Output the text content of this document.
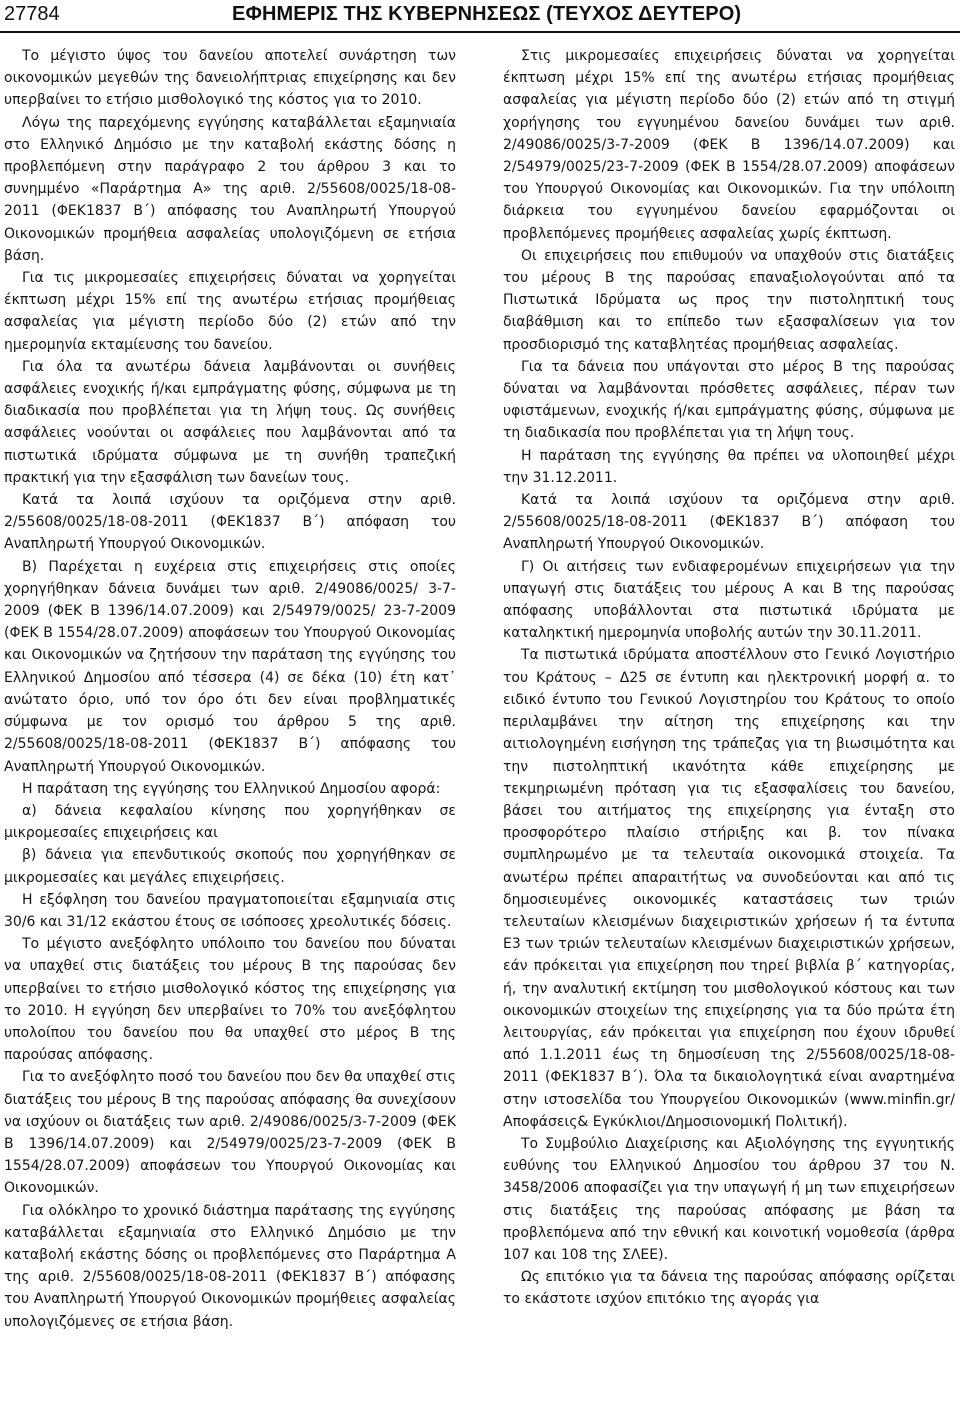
27784	ΕΦΗΜΕΡΙΣ ΤΗΣ ΚΥΒΕΡΝΗΣΕΩΣ (ΤΕΥΧΟΣ ΔΕΥΤΕΡΟ)

Το μέγιστο ύψος του δανείου αποτελεί συνάρτηση των οικονομικών μεγεθών της δανειολήπτριας επιχείρησης και δεν υπερβαίνει το ετήσιο μισθολογικό της κόστος για το 2010.

Λόγω της παρεχόμενης εγγύησης καταβάλλεται εξαμηνιαία στο Ελληνικό Δημόσιο με την καταβολή εκάστης δόσης η προβλεπόμενη στην παράγραφο 2 του άρθρου 3 και το συνημμένο «Παράρτημα Α» της αριθ. 2/55608/0025/18-08-2011 (ΦΕΚ1837 Β΄) απόφασης του Αναπληρωτή Υπουργού Οικονομικών προμήθεια ασφαλείας υπολογιζόμενη σε ετήσια βάση.

Για τις μικρομεσαίες επιχειρήσεις δύναται να χορηγείται έκπτωση μέχρι 15% επί της ανωτέρω ετήσιας προμήθειας ασφαλείας για μέγιστη περίοδο δύο (2) ετών από την ημερομηνία εκταμίευσης του δανείου.

Για όλα τα ανωτέρω δάνεια λαμβάνονται οι συνήθεις ασφάλειες ενοχικής ή/και εμπράγματης φύσης, σύμφωνα με τη διαδικασία που προβλέπεται για τη λήψη τους. Ως συνήθεις ασφάλειες νοούνται οι ασφάλειες που λαμβάνονται από τα πιστωτικά ιδρύματα σύμφωνα με τη συνήθη τραπεζική πρακτική για την εξασφάλιση των δανείων τους.

Κατά τα λοιπά ισχύουν τα οριζόμενα στην αριθ. 2/55608/0025/18-08-2011 (ΦΕΚ1837 Β΄) απόφαση του Αναπληρωτή Υπουργού Οικονομικών.

Β) Παρέχεται η ευχέρεια στις επιχειρήσεις στις οποίες χορηγήθηκαν δάνεια δυνάμει των αριθ. 2/49086/0025/ 3-7-2009 (ΦΕΚ Β 1396/14.07.2009) και 2/54979/0025/ 23-7-2009 (ΦΕΚ Β 1554/28.07.2009) αποφάσεων του Υπουργού Οικονομίας και Οικονομικών να ζητήσουν την παράταση της εγγύησης του Ελληνικού Δημοσίου από τέσσερα (4) σε δέκα (10) έτη κατ᾽ ανώτατο όριο, υπό τον όρο ότι δεν είναι προβληματικές σύμφωνα με τον ορισμό του άρθρου 5 της αριθ. 2/55608/0025/18-08-2011 (ΦΕΚ1837 Β΄) απόφασης του Αναπληρωτή Υπουργού Οικονομικών.

Η παράταση της εγγύησης του Ελληνικού Δημοσίου αφορά:

α) δάνεια κεφαλαίου κίνησης που χορηγήθηκαν σε μικρομεσαίες επιχειρήσεις και

β) δάνεια για επενδυτικούς σκοπούς που χορηγήθηκαν σε μικρομεσαίες και μεγάλες επιχειρήσεις.

Η εξόφληση του δανείου πραγματοποιείται εξαμηνιαία στις 30/6 και 31/12 εκάστου έτους σε ισόποσες χρεολυτικές δόσεις.

Το μέγιστο ανεξόφλητο υπόλοιπο του δανείου που δύναται να υπαχθεί στις διατάξεις του μέρους Β της παρούσας δεν υπερβαίνει το ετήσιο μισθολογικό κόστος της επιχείρησης για το 2010. Η εγγύηση δεν υπερβαίνει το 70% του ανεξόφλητου υπολοίπου του δανείου που θα υπαχθεί στο μέρος Β της παρούσας απόφασης.

Για το ανεξόφλητο ποσό του δανείου που δεν θα υπαχθεί στις διατάξεις του μέρους Β της παρούσας απόφασης θα συνεχίσουν να ισχύουν οι διατάξεις των αριθ. 2/49086/0025/3-7-2009 (ΦΕΚ Β 1396/14.07.2009) και 2/54979/0025/23-7-2009 (ΦΕΚ Β 1554/28.07.2009) αποφάσεων του Υπουργού Οικονομίας και Οικονομικών.

Για ολόκληρο το χρονικό διάστημα παράτασης της εγγύησης καταβάλλεται εξαμηνιαία στο Ελληνικό Δημόσιο με την καταβολή εκάστης δόσης οι προβλεπόμενες στο Παράρτημα Α της αριθ. 2/55608/0025/18-08-2011 (ΦΕΚ1837 Β΄) απόφασης του Αναπληρωτή Υπουργού Οικονομικών προμήθειες ασφαλείας υπολογιζόμενες σε ετήσια βάση.

Στις μικρομεσαίες επιχειρήσεις δύναται να χορηγείται έκπτωση μέχρι 15% επί της ανωτέρω ετήσιας προμήθειας ασφαλείας για μέγιστη περίοδο δύο (2) ετών από τη στιγμή χορήγησης του εγγυημένου δανείου δυνάμει των αριθ. 2/49086/0025/3-7-2009 (ΦΕΚ Β 1396/14.07.2009) και 2/54979/0025/23-7-2009 (ΦΕΚ Β 1554/28.07.2009) αποφάσεων του Υπουργού Οικονομίας και Οικονομικών. Για την υπόλοιπη διάρκεια του εγγυημένου δανείου εφαρμόζονται οι προβλεπόμενες προμήθειες ασφαλείας χωρίς έκπτωση.

Οι επιχειρήσεις που επιθυμούν να υπαχθούν στις διατάξεις του μέρους Β της παρούσας επαναξιολογούνται από τα Πιστωτικά Ιδρύματα ως προς την πιστοληπτική τους διαβάθμιση και το επίπεδο των εξασφαλίσεων για τον προσδιορισμό της καταβλητέας προμήθειας ασφαλείας.

Για τα δάνεια που υπάγονται στο μέρος Β της παρούσας δύναται να λαμβάνονται πρόσθετες ασφάλειες, πέραν των υφιστάμενων, ενοχικής ή/και εμπράγματης φύσης, σύμφωνα με τη διαδικασία που προβλέπεται για τη λήψη τους.

Η παράταση της εγγύησης θα πρέπει να υλοποιηθεί μέχρι την 31.12.2011.

Κατά τα λοιπά ισχύουν τα οριζόμενα στην αριθ. 2/55608/0025/18-08-2011 (ΦΕΚ1837 Β΄) απόφαση του Αναπληρωτή Υπουργού Οικονομικών.

Γ) Οι αιτήσεις των ενδιαφερομένων επιχειρήσεων για την υπαγωγή στις διατάξεις του μέρους Α και Β της παρούσας απόφασης υποβάλλονται στα πιστωτικά ιδρύματα με καταληκτική ημερομηνία υποβολής αυτών την 30.11.2011.

Τα πιστωτικά ιδρύματα αποστέλλουν στο Γενικό Λογιστήριο του Κράτους – Δ25 σε έντυπη και ηλεκτρονική μορφή α. το ειδικό έντυπο του Γενικού Λογιστηρίου του Κράτους το οποίο περιλαμβάνει την αίτηση της επιχείρησης και την αιτιολογημένη εισήγηση της τράπεζας για τη βιωσιμότητα και την πιστοληπτική ικανότητα κάθε επιχείρησης με τεκμηριωμένη πρόταση για τις εξασφαλίσεις του δανείου, βάσει του αιτήματος της επιχείρησης για ένταξη στο προσφορότερο πλαίσιο στήριξης και β. τον πίνακα συμπληρωμένο με τα τελευταία οικονομικά στοιχεία. Τα ανωτέρω πρέπει απαραιτήτως να συνοδεύονται και από τις δημοσιευμένες οικονομικές καταστάσεις των τριών τελευταίων κλεισμένων διαχειριστικών χρήσεων ή τα έντυπα Ε3 των τριών τελευταίων κλεισμένων διαχειριστικών χρήσεων, εάν πρόκειται για επιχείρηση που τηρεί βιβλία β΄ κατηγορίας, ή, την αναλυτική εκτίμηση του μισθολογικού κόστους και των οικονομικών στοιχείων της επιχείρησης για τα δύο πρώτα έτη λειτουργίας, εάν πρόκειται για επιχείρηση που έχουν ιδρυθεί από 1.1.2011 έως τη δημοσίευση της 2/55608/0025/18-08-2011 (ΦΕΚ1837 Β΄). Όλα τα δικαιολογητικά είναι αναρτημένα στην ιστοσελίδα του Υπουργείου Οικονομικών (www.minfin.gr/Αποφάσεις& Εγκύκλιοι/Δημοσιονομική Πολιτική).

Το Συμβούλιο Διαχείρισης και Αξιολόγησης της εγγυητικής ευθύνης του Ελληνικού Δημοσίου του άρθρου 37 του Ν. 3458/2006 αποφασίζει για την υπαγωγή ή μη των επιχειρήσεων στις διατάξεις της παρούσας απόφασης με βάση τα προβλεπόμενα από την εθνική και κοινοτική νομοθεσία (άρθρα 107 και 108 της ΣΛΕΕ).

Ως επιτόκιο για τα δάνεια της παρούσας απόφασης ορίζεται το εκάστοτε ισχύον επιτόκιο της αγοράς για
